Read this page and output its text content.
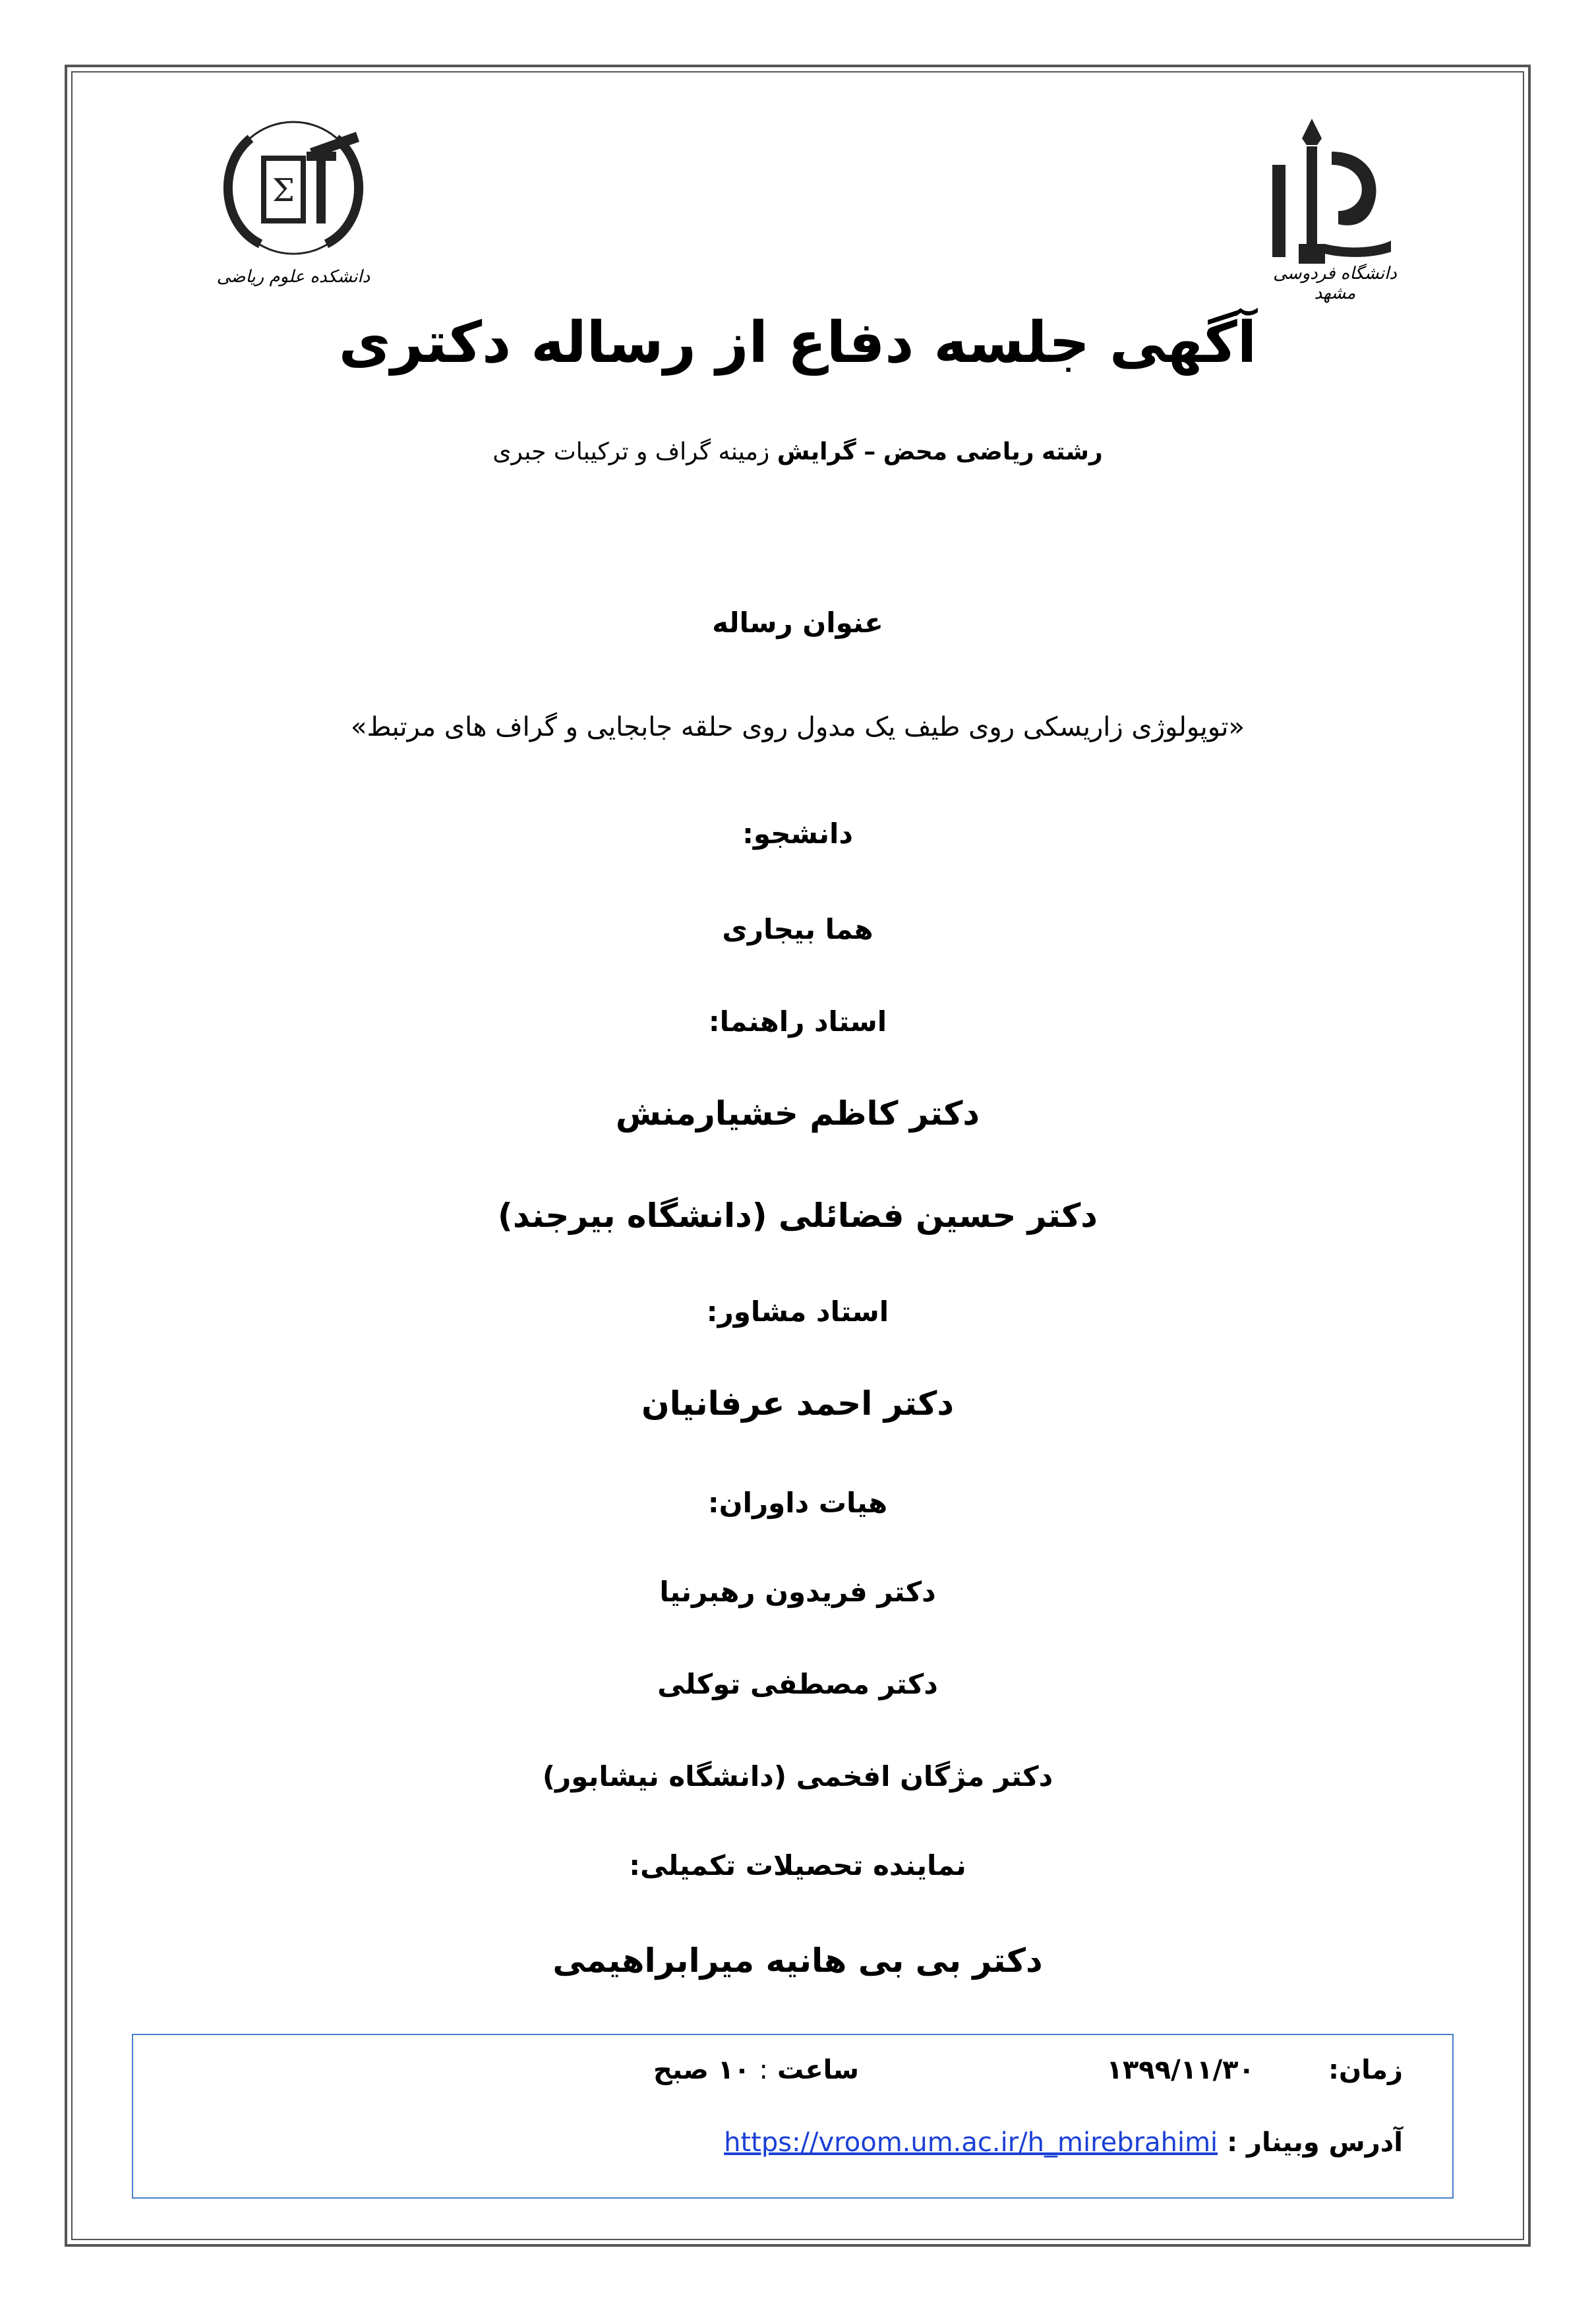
دانشگاه فردوسی مشهد
Σ
دانشکده علوم ریاضی
آگهی جلسه دفاع از رساله دکتری
رشته ریاضی محض – گرایش زمینه گراف و ترکیبات جبری
عنوان رساله
«توپولوژی زاریسکی روی طیف یک مدول روی حلقه جابجایی و گراف های مرتبط»
دانشجو:
هما بیجاری
استاد راهنما:
دکتر کاظم خشیارمنش
دکتر حسین فضائلی (دانشگاه بیرجند)
استاد مشاور:
دکتر احمد عرفانیان
هیات داوران:
دکتر فریدون رهبرنیا
دکتر مصطفی توکلی
دکتر مژگان افخمی (دانشگاه نیشابور)
نماینده تحصیلات تکمیلی:
دکتر بی بی هانیه میرابراهیمی
زمان:
۱۳۹۹/۱۱/۳۰
ساعت : ۱۰ صبح
آدرس وبینار : https://vroom.um.ac.ir/h_mirebrahimi
